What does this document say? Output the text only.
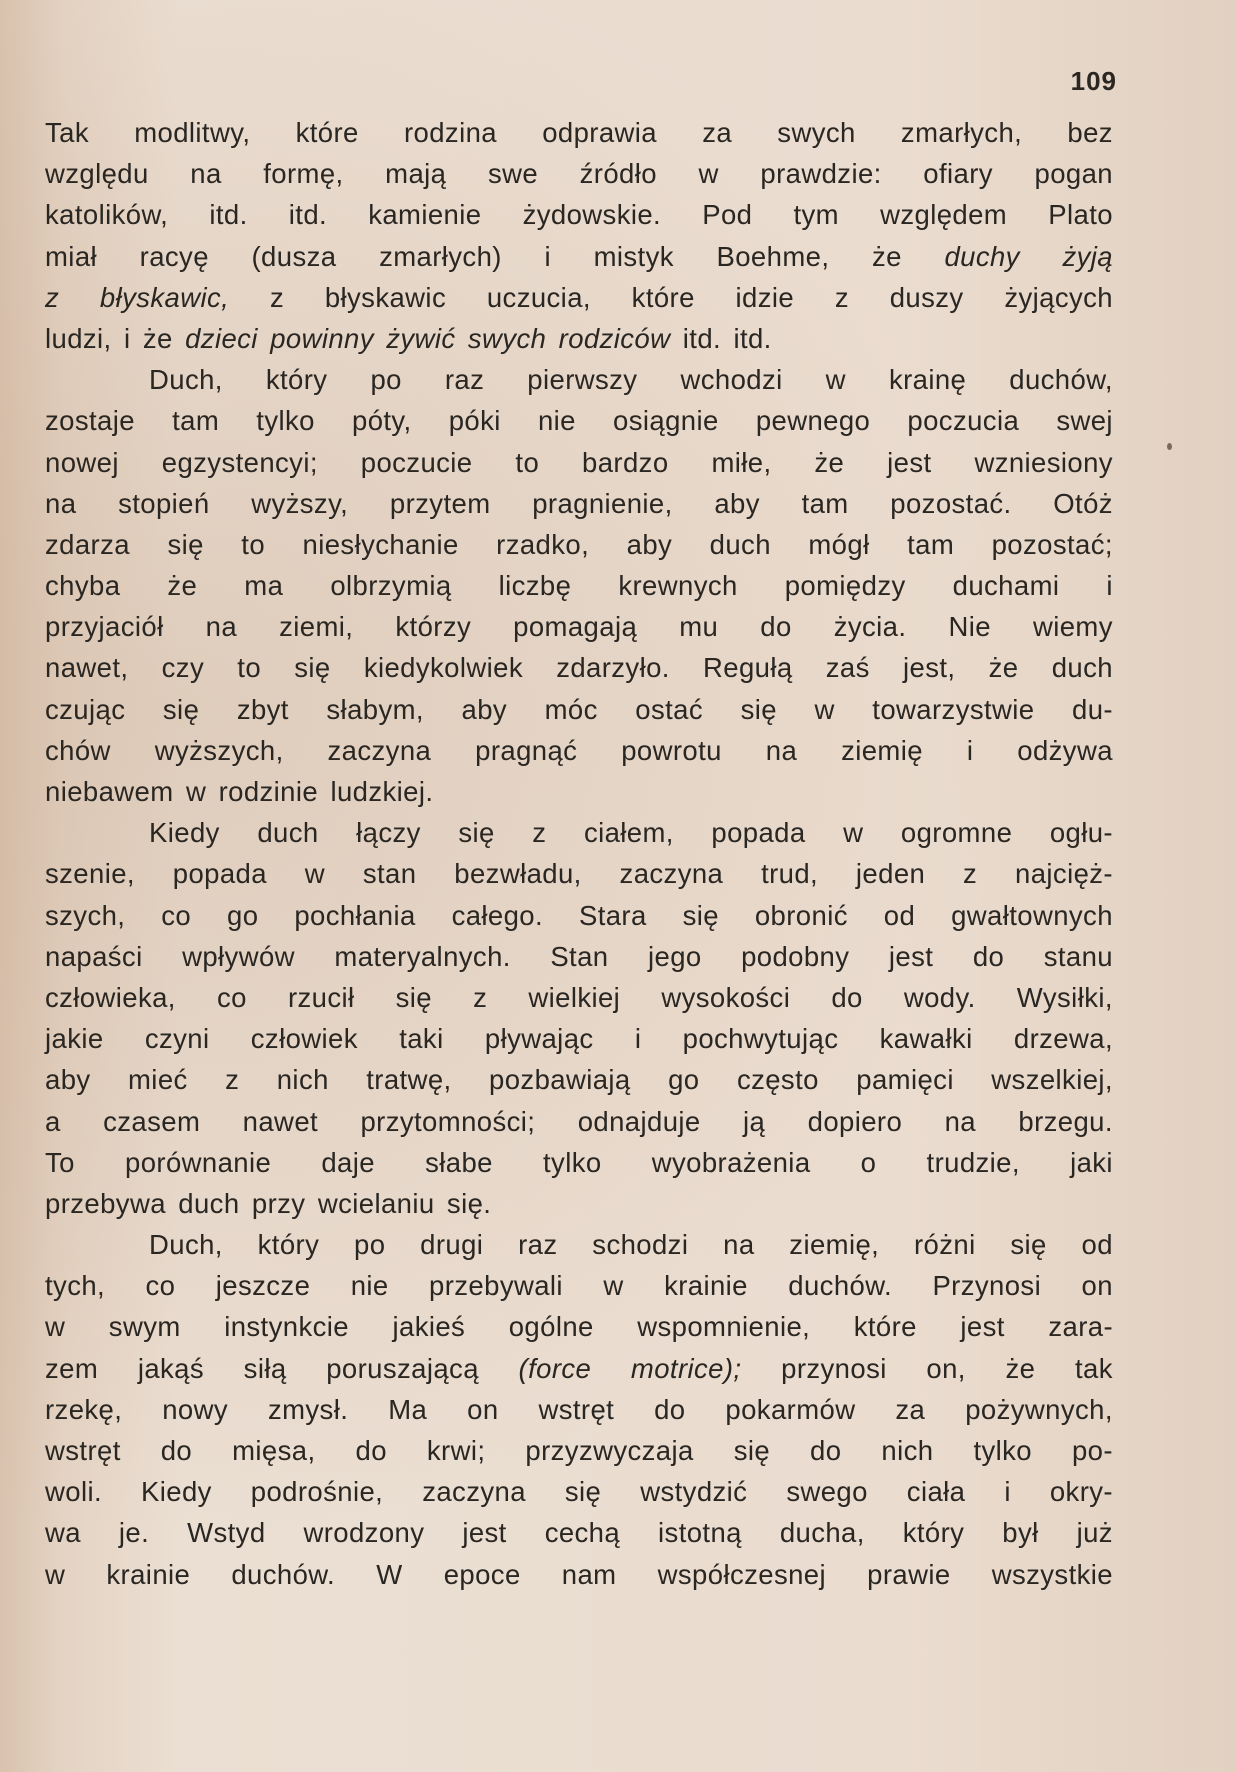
109
Tak modlitwy, które rodzina odprawia za swych zmarłych, bez
względu na formę, mają swe źródło w prawdzie: ofiary pogan
katolików, itd. itd. kamienie żydowskie. Pod tym względem Plato
miał racyę (dusza zmarłych) i mistyk Boehme, że duchy żyją
z błyskawic, z błyskawic uczucia, które idzie z duszy żyjących
ludzi, i że dzieci powinny żywić swych rodziców itd. itd.
Duch, który po raz pierwszy wchodzi w krainę duchów,
zostaje tam tylko póty, póki nie osiągnie pewnego poczucia swej
nowej egzystencyi; poczucie to bardzo miłe, że jest wzniesiony
na stopień wyższy, przytem pragnienie, aby tam pozostać. Otóż
zdarza się to niesłychanie rzadko, aby duch mógł tam pozostać;
chyba że ma olbrzymią liczbę krewnych pomiędzy duchami i
przyjaciół na ziemi, którzy pomagają mu do życia. Nie wiemy
nawet, czy to się kiedykolwiek zdarzyło. Regułą zaś jest, że duch
czując się zbyt słabym, aby móc ostać się w towarzystwie du-
chów wyższych, zaczyna pragnąć powrotu na ziemię i odżywa
niebawem w rodzinie ludzkiej.
Kiedy duch łączy się z ciałem, popada w ogromne ogłu-
szenie, popada w stan bezwładu, zaczyna trud, jeden z najcięż-
szych, co go pochłania całego. Stara się obronić od gwałtownych
napaści wpływów materyalnych. Stan jego podobny jest do stanu
człowieka, co rzucił się z wielkiej wysokości do wody. Wysiłki,
jakie czyni człowiek taki pływając i pochwytując kawałki drzewa,
aby mieć z nich tratwę, pozbawiają go często pamięci wszelkiej,
a czasem nawet przytomności; odnajduje ją dopiero na brzegu.
To porównanie daje słabe tylko wyobrażenia o trudzie, jaki
przebywa duch przy wcielaniu się.
Duch, który po drugi raz schodzi na ziemię, różni się od
tych, co jeszcze nie przebywali w krainie duchów. Przynosi on
w swym instynkcie jakieś ogólne wspomnienie, które jest zara-
zem jakąś siłą poruszającą (force motrice); przynosi on, że tak
rzekę, nowy zmysł. Ma on wstręt do pokarmów za pożywnych,
wstręt do mięsa, do krwi; przyzwyczaja się do nich tylko po-
woli. Kiedy podrośnie, zaczyna się wstydzić swego ciała i okry-
wa je. Wstyd wrodzony jest cechą istotną ducha, który był już
w krainie duchów. W epoce nam współczesnej prawie wszystkie
